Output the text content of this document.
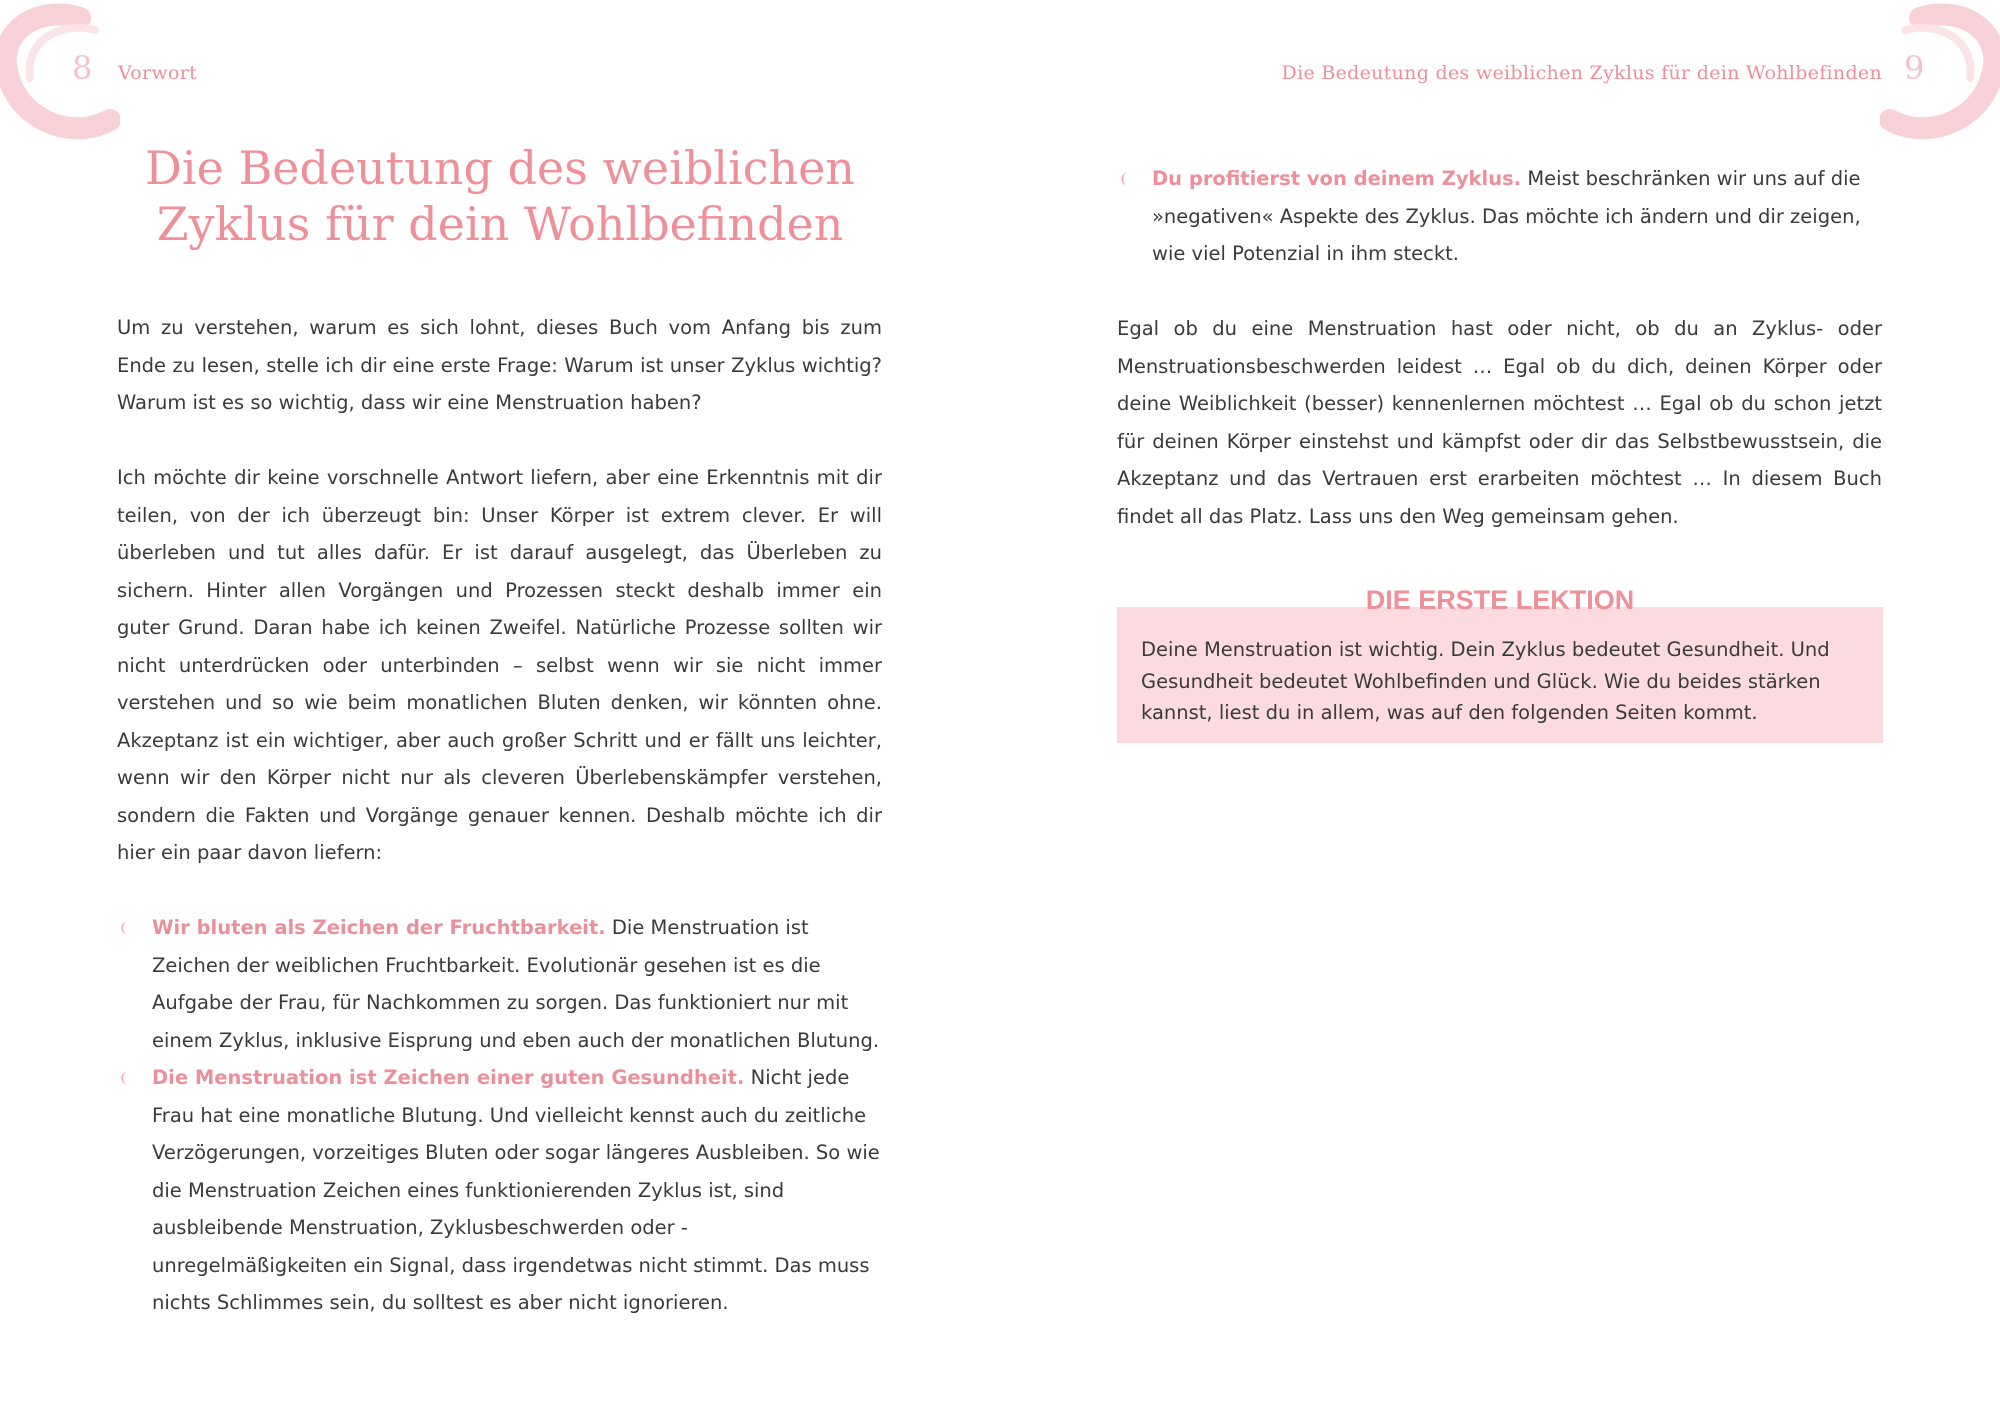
8 Vorwort
Die Bedeutung des weiblichen
Zyklus für dein Wohlbefinden

Um zu verstehen, warum es sich lohnt, dieses Buch vom Anfang bis zum Ende zu lesen, stelle ich dir eine erste Frage: Warum ist unser Zyklus wichtig? Warum ist es so wichtig, dass wir eine Menstruation haben?

Ich möchte dir keine vorschnelle Antwort liefern, aber eine Erkenntnis mit dir teilen, von der ich überzeugt bin: Unser Körper ist extrem clever. Er will überleben und tut alles dafür. Er ist darauf ausgelegt, das Überleben zu sichern. Hinter allen Vorgängen und Prozessen steckt deshalb immer ein guter Grund. Daran habe ich keinen Zweifel. Natürliche Prozesse sollten wir nicht unterdrücken oder unterbinden – selbst wenn wir sie nicht immer verstehen und so wie beim monatlichen Bluten denken, wir könnten ohne. Akzeptanz ist ein wichtiger, aber auch großer Schritt und er fällt uns leichter, wenn wir den Körper nicht nur als cleveren Überlebenskämpfer verstehen, sondern die Fakten und Vorgänge genauer kennen. Deshalb möchte ich dir hier ein paar davon liefern:

Wir bluten als Zeichen der Fruchtbarkeit. Die Menstruation ist Zeichen der weiblichen Fruchtbarkeit. Evolutionär gesehen ist es die Aufgabe der Frau, für Nachkommen zu sorgen. Das funktioniert nur mit einem Zyklus, inklusive Eisprung und eben auch der monatlichen Blutung.
Die Menstruation ist Zeichen einer guten Gesundheit. Nicht jede Frau hat eine monatliche Blutung. Und vielleicht kennst auch du zeitliche Verzögerungen, vorzeitiges Bluten oder sogar längeres Ausbleiben. So wie die Menstruation Zeichen eines funktionierenden Zyklus ist, sind ausbleibende Menstruation, Zyklusbeschwerden oder -unregelmäßigkeiten ein Signal, dass irgendetwas nicht stimmt. Das muss nichts Schlimmes sein, du solltest es aber nicht ignorieren.
9
Die Bedeutung des weiblichen Zyklus für dein Wohlbefinden
Du profitierst von deinem Zyklus. Meist beschränken wir uns auf die »negativen« Aspekte des Zyklus. Das möchte ich ändern und dir zeigen, wie viel Potenzial in ihm steckt.

Egal ob du eine Menstruation hast oder nicht, ob du an Zyklus- oder Menstruationsbeschwerden leidest … Egal ob du dich, deinen Körper oder deine Weiblichkeit (besser) kennenlernen möchtest … Egal ob du schon jetzt für deinen Körper einstehst und kämpfst oder dir das Selbstbewusstsein, die Akzeptanz und das Vertrauen erst erarbeiten möchtest … In diesem Buch findet all das Platz. Lass uns den Weg gemeinsam gehen.

DIE ERSTE LEKTION

Deine Menstruation ist wichtig. Dein Zyklus bedeutet Gesundheit. Und Gesundheit bedeutet Wohlbefinden und Glück. Wie du beides stärken kannst, liest du in allem, was auf den folgenden Seiten kommt.
